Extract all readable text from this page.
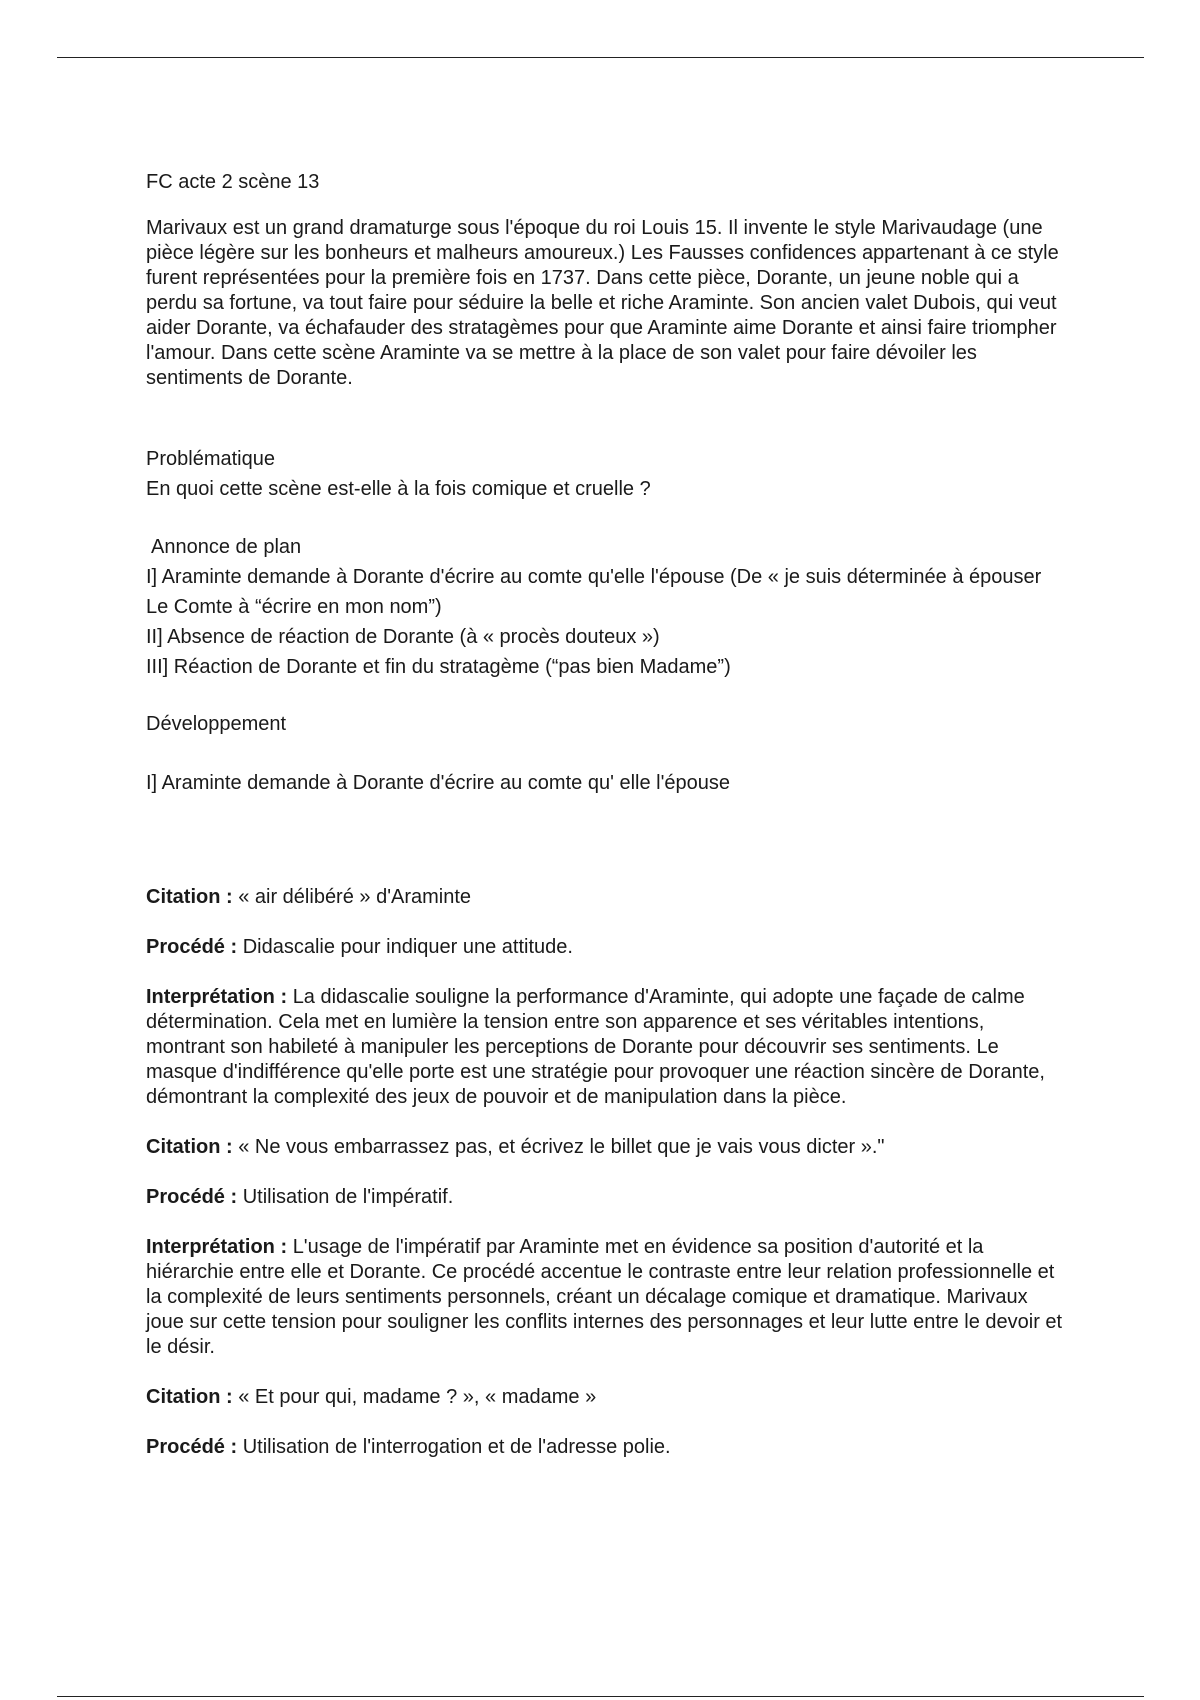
FC acte 2 scène 13

Marivaux est un grand dramaturge sous l'époque du roi Louis 15. Il invente le style Marivaudage (une pièce légère sur les bonheurs et malheurs amoureux.) Les Fausses confidences appartenant à ce style furent représentées pour la première fois en 1737. Dans cette pièce, Dorante, un jeune noble qui a perdu sa fortune, va tout faire pour séduire la belle et riche Araminte. Son ancien valet Dubois, qui veut aider Dorante, va échafauder des stratagèmes pour que Araminte aime Dorante et ainsi faire triompher l'amour. Dans cette scène Araminte va se mettre à la place de son valet pour faire dévoiler les sentiments de Dorante.

Problématique

En quoi cette scène est-elle à la fois comique et cruelle ?

Annonce de plan

I] Araminte demande à Dorante d'écrire au comte qu'elle l'épouse (De « je suis déterminée à épouser Le Comte à “écrire en mon nom”)

II] Absence de réaction de Dorante (à « procès douteux »)

III] Réaction de Dorante et fin du stratagème (“pas bien Madame”)

Développement

I] Araminte demande à Dorante d'écrire au comte qu' elle l'épouse

Citation : « air délibéré » d'Araminte

Procédé : Didascalie pour indiquer une attitude.

Interprétation : La didascalie souligne la performance d'Araminte, qui adopte une façade de calme détermination. Cela met en lumière la tension entre son apparence et ses véritables intentions, montrant son habileté à manipuler les perceptions de Dorante pour découvrir ses sentiments. Le masque d'indifférence qu'elle porte est une stratégie pour provoquer une réaction sincère de Dorante, démontrant la complexité des jeux de pouvoir et de manipulation dans la pièce.

Citation : « Ne vous embarrassez pas, et écrivez le billet que je vais vous dicter »."

Procédé : Utilisation de l'impératif.

Interprétation : L'usage de l'impératif par Araminte met en évidence sa position d'autorité et la hiérarchie entre elle et Dorante. Ce procédé accentue le contraste entre leur relation professionnelle et la complexité de leurs sentiments personnels, créant un décalage comique et dramatique. Marivaux joue sur cette tension pour souligner les conflits internes des personnages et leur lutte entre le devoir et le désir.

Citation : « Et pour qui, madame ? », « madame »

Procédé : Utilisation de l'interrogation et de l'adresse polie.
